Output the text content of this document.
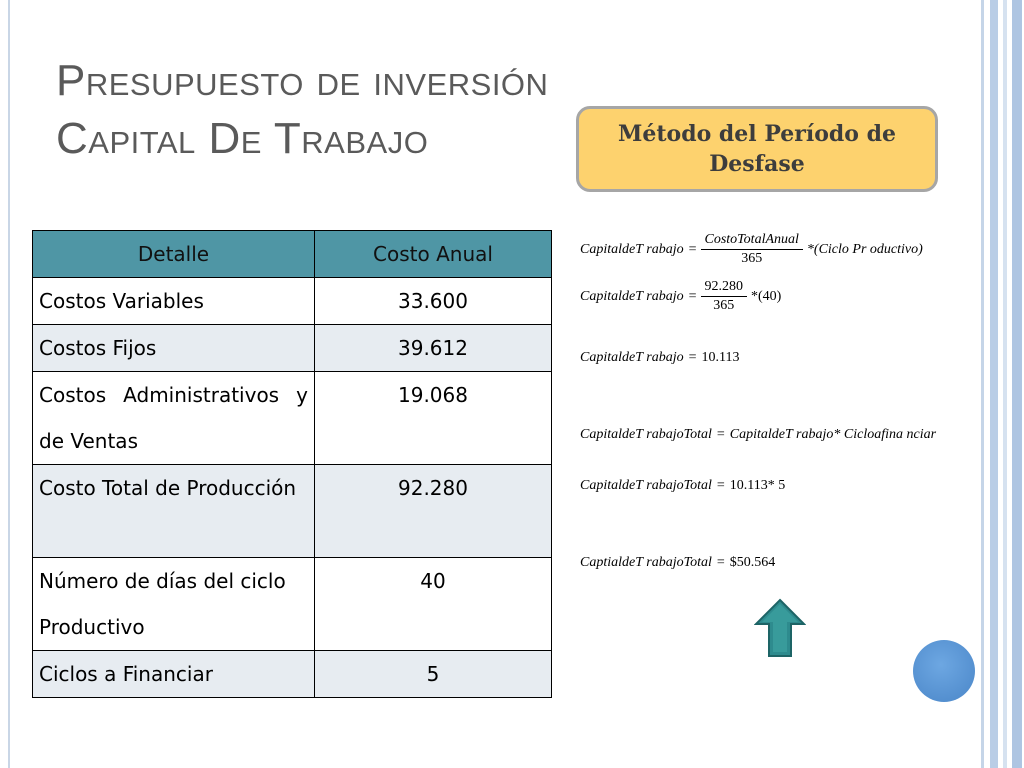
Presupuesto de inversión
Capital De Trabajo	Método del Período de Desfase
Detalle	Costo Anual
Costos Variables	33.600
Costos Fijos	39.612
Costos Administrativos y de Ventas	19.068
Costo Total de Producción	92.280
Número de días del ciclo Productivo	40
Ciclos a Financiar	5
CapitaldeT rabajo = $\frac{\text{CostoTotalAnual}}{365}$ *(Ciclo Pr oductivo)
CapitaldeT rabajo = $\frac{92.280}{365} *(40)$
CapitaldeT rabajo = 10.113
CapitaldeT rabajoTotal = CapitaldeT rabajo* Cicloafina nciar
CapitaldeT rabajoTotal = 10.113* 5
CaptialdeT rabajoTotal = $50.564
